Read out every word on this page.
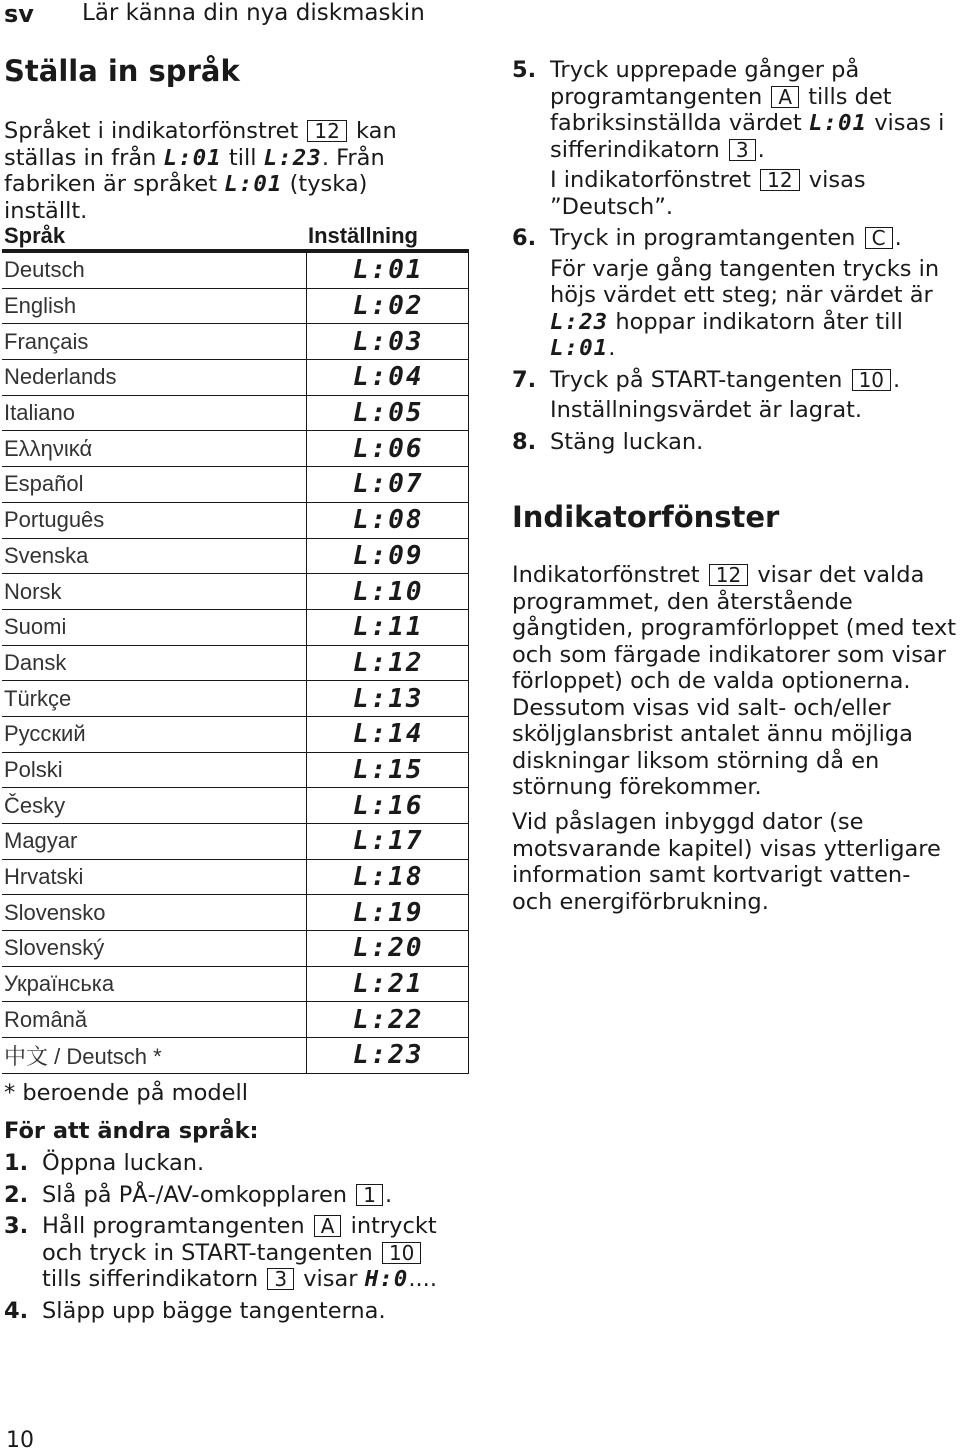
sv Lär känna din nya diskmaskin
Ställa in språk

Språket i indikatorfönstret 12 kan ställas in från L:01 till L:23. Från fabriken är språket L:01 (tyska) inställt.

Språk	Inställning
Deutsch	L:01
English	L:02
Français	L:03
Nederlands	L:04
Italiano	L:05
Ελληνικά	L:06
Español	L:07
Português	L:08
Svenska	L:09
Norsk	L:10
Suomi	L:11
Dansk	L:12
Türkçe	L:13
Русский	L:14
Polski	L:15
Česky	L:16
Magyar	L:17
Hrvatski	L:18
Slovensko	L:19
Slovenský	L:20
Українська	L:21
Română	L:22
中文 / Deutsch *	L:23
* beroende på modell
För att ändra språk:
1. Öppna luckan.
2. Slå på PÅ-/AV-omkopplaren 1 .
3. Håll programtangenten A intryckt och tryck in START-tangenten 10 tills sifferindikatorn 3 visar H:0....
4. Släpp upp bägge tangenterna.
5. Tryck upprepade gånger på programtangenten A tills det fabriksinställda värdet L:01 visas i sifferindikatorn 3 .
I indikatorfönstret 12 visas ”Deutsch”.
6. Tryck in programtangenten C .
För varje gång tangenten trycks in höjs värdet ett steg; när värdet är L:23 hoppar indikatorn åter till L:01.
7. Tryck på START-tangenten 10 .
Inställningsvärdet är lagrat.
8. Stäng luckan.
Indikatorfönster

Indikatorfönstret 12 visar det valda programmet, den återstående gångtiden, programförloppet (med text och som färgade indikatorer som visar förloppet) och de valda optionerna. Dessutom visas vid salt- och/eller sköljglansbrist antalet ännu möjliga diskningar liksom störning då en störnung förekommer.

Vid påslagen inbyggd dator (se motsvarande kapitel) visas ytterligare information samt kortvarigt vatten- och energiförbrukning.

10
